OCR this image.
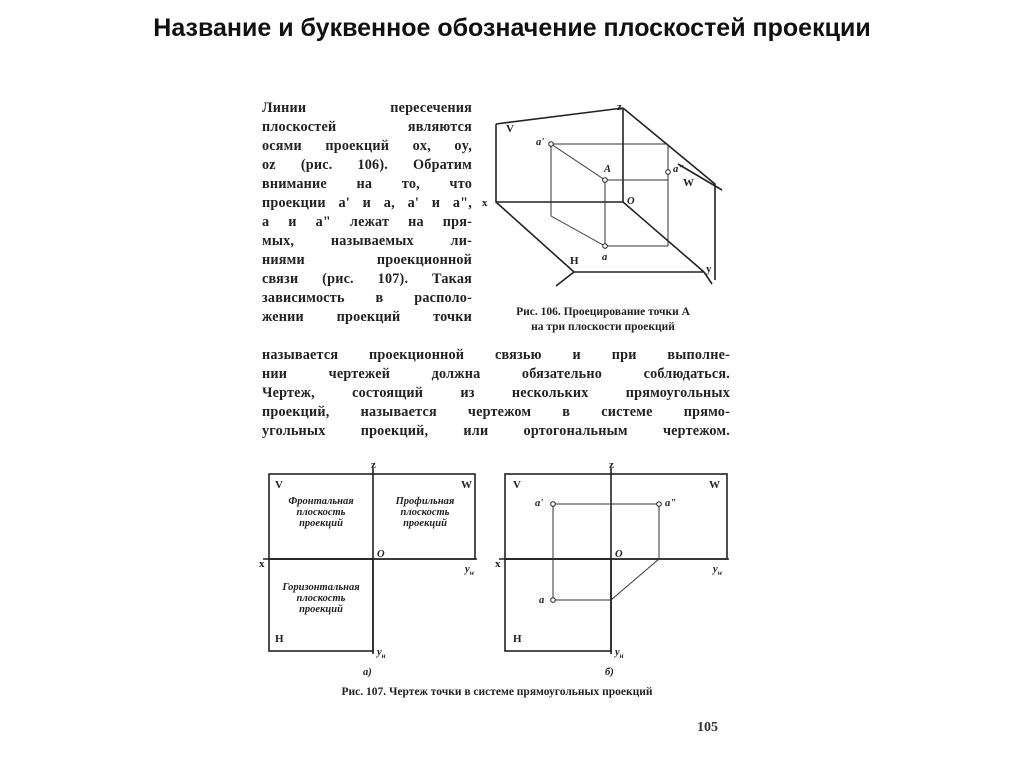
Название и буквенное обозначение плоскостей проекции
Линии пересечения
плоскостей являются
осями проекций ox, oy,
oz (рис. 106). Обратим
внимание на то, что
проекции a' и a, a' и a",
a и a" лежат на пря-
мых, называемых ли-
ниями проекционной
связи (рис. 107). Такая
зависимость в располо-
жении проекций точки
называется проекционной связью и при выполне-
нии чертежей должна обязательно соблюдаться.
Чертеж, состоящий из нескольких прямоугольных
проекций, называется чертежом в системе прямо-
угольных проекций, или ортогональным чертежом.
z
V
W
H
x
y
O
A
a'
a"
a
Рис. 106. Проецирование точки А
на три плоскости проекций
z
V	W
H
x
O
$y_w$
$y_н$
Фронтальная
плоскость
проекций
Профильная
плоскость
проекций
Горизонтальная
плоскость
проекций
а)
z
V	W
H
x
O
a'	a"
a
$y_w$
$y_н$
б)
Рис. 107. Чертеж точки в системе прямоугольных проекций
105
